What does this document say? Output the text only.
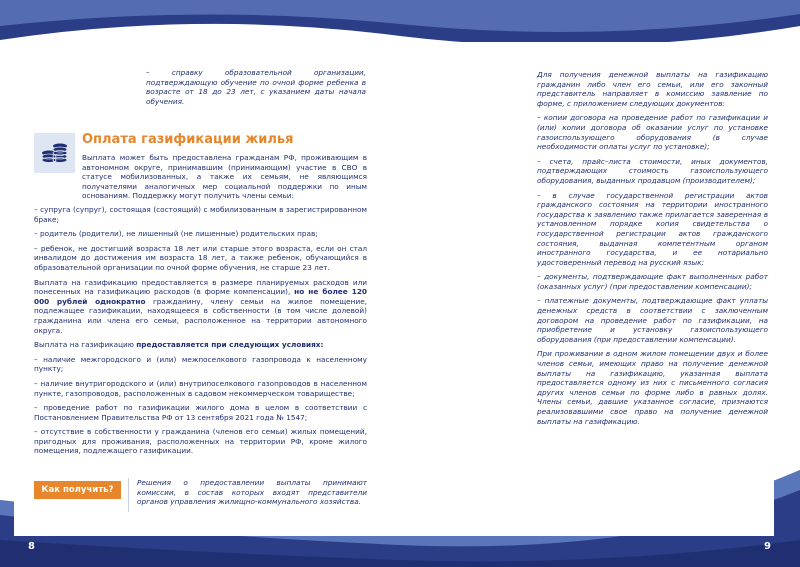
– справку образовательной организации, подтверждающую обучение по очной форме ребенка в возрасте от 18 до 23 лет, с указанием даты начала обучения.

Оплата газификации жилья

Выплата может быть предоставлена гражданам РФ, проживающим в автономном округе, принимавшим (принимающим) участие в СВО в статусе мобилизованных, а также их семьям, не являющимся получателями аналогичных мер социальной поддержки по иным основаниям. Поддержку могут получить члены семьи:

– супруга (супруг), состоящая (состоящий) с мобилизованным в зарегистрированном браке;

– родитель (родители), не лишенный (не лишенные) родительских прав;

– ребенок, не достигший возраста 18 лет или старше этого возраста, если он стал инвалидом до достижения им возраста 18 лет, а также ребенок, обучающийся в образовательной организации по очной форме обучения, не старше 23 лет.

Выплата на газификацию предоставляется в размере планируемых расходов или понесенных на газификацию расходов (в форме компенсации), но не более 120 000 рублей однократно гражданину, члену семьи на жилое помещение, подлежащее газификации, находящееся в собственности (в том числе долевой) гражданина или члена его семьи, расположенное на территории автономного округа.

Выплата на газификацию предоставляется при следующих условиях:

– наличие межгородского и (или) межпоселкового газопровода к населенному пункту;

– наличие внутригородского и (или) внутрипоселкового газопроводов в населенном пункте, газопроводов, расположенных в садовом некоммерческом товариществе;

– проведение работ по газификации жилого дома в целом в соответствии с Постановлением Правительства РФ от 13 сентября 2021 года № 1547;

– отсутствие в собственности у гражданина (членов его семьи) жилых помещений, пригодных для проживания, расположенных на территории РФ, кроме жилого помещения, подлежащего газификации.

Как получить?

Решения о предоставлении выплаты принимают комиссии, в состав которых входят представители органов управления жилищно-коммунального хозяйства.

Для получения денежной выплаты на газификацию гражданин либо член его семьи, или его законный представитель направляет в комиссию заявление по форме, с приложением следующих документов:

– копии договора на проведение работ по газификации и (или) копии договора об оказании услуг по установке газоиспользующего оборудования (в случае необходимости оплаты услуг по установке);

– счета, прайс–листа стоимости, иных документов, подтверждающих стоимость газоиспользующего оборудования, выданных продавцом (производителем);

– в случае государственной регистрации актов гражданского состояния на территории иностранного государства к заявлению также прилагается заверенная в установленном порядке копия свидетельства о государственной регистрации актов гражданского состояния, выданная компетентным органом иностранного государства, и ее нотариально удостоверенный перевод на русский язык;

– документы, подтверждающие факт выполненных работ (оказанных услуг) (при предоставлении компенсации);

– платежные документы, подтверждающие факт уплаты денежных средств в соответствии с заключенным договором на проведение работ по газификации, на приобретение и установку газоиспользующего оборудования (при предоставлении компенсации).

При проживании в одном жилом помещении двух и более членов семьи, имеющих право на получение денежной выплаты на газификацию, указанная выплата предоставляется одному из них с письменного согласия других членов семьи по форме либо в равных долях. Члены семьи, давшие указанное согласие, признаются реализовавшими свое право на получение денежной выплаты на газификацию.

8	9
